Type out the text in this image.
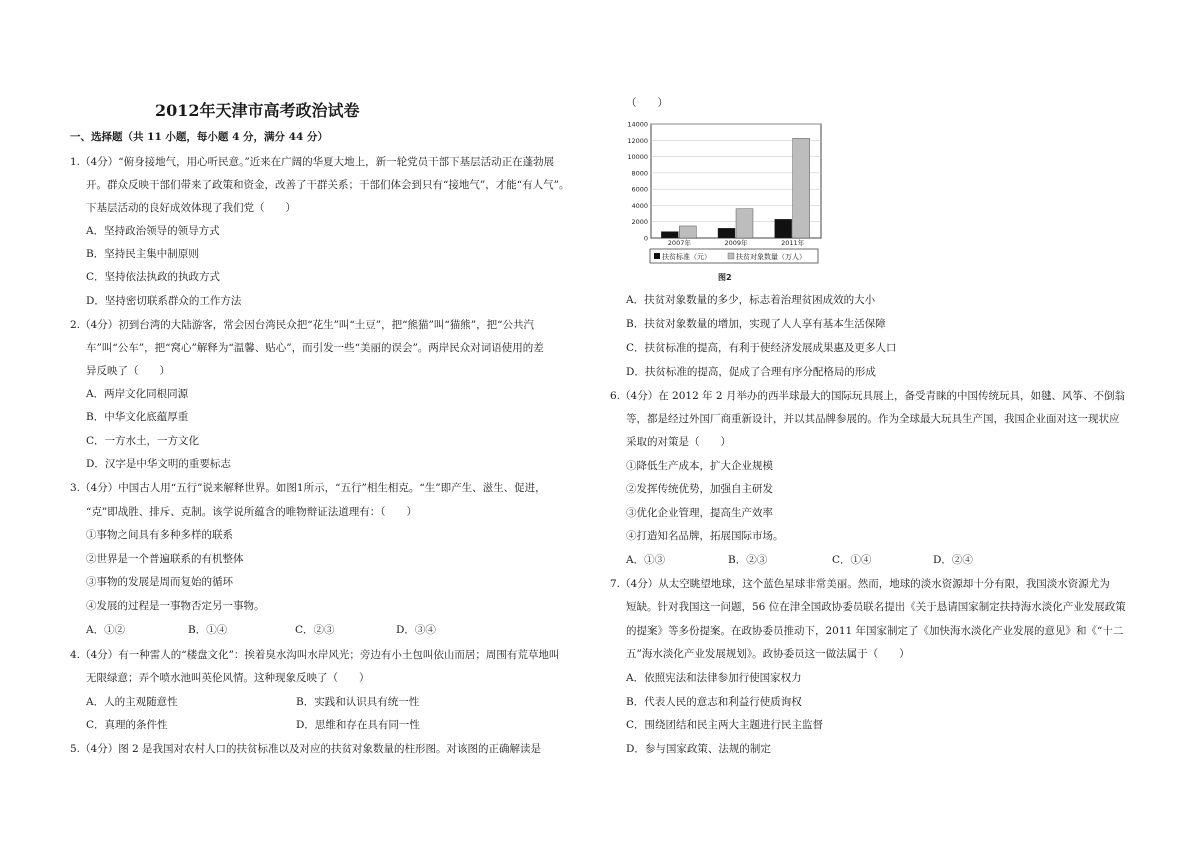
2012年天津市高考政治试卷
一、选择题（共 11 小题，每小题 4 分，满分 44 分）
1.（4分）“俯身接地气，用心听民意。”近来在广阔的华夏大地上，新一轮党员干部下基层活动正在蓬勃展
开。群众反映干部们带来了政策和资金，改善了干群关系；干部们体会到只有“接地气”，才能“有人气”。
下基层活动的良好成效体现了我们党（　　）
A．坚持政治领导的领导方式
B．坚持民主集中制原则
C．坚持依法执政的执政方式
D．坚持密切联系群众的工作方法
2.（4分）初到台湾的大陆游客，常会因台湾民众把“花生”叫“土豆”，把“熊猫”叫“猫熊”，把“公共汽
车”叫“公车”，把“窝心”解释为“温馨、贴心”，而引发一些“美丽的误会”。两岸民众对词语使用的差
异反映了（　　）
A．两岸文化同根同源
B．中华文化底蕴厚重
C．一方水土，一方文化
D．汉字是中华文明的重要标志
3.（4分）中国古人用“五行”说来解释世界。如图1所示，“五行”相生相克。“生”即产生、滋生、促进，
“克”即战胜、排斥、克制。该学说所蕴含的唯物辩证法道理有：（　　）
①事物之间具有多种多样的联系
②世界是一个普遍联系的有机整体
③事物的发展是周而复始的循环
④发展的过程是一事物否定另一事物。
A．①②	B．①④	C．②③	D．③④
4.（4分）有一种雷人的“楼盘文化”：挨着臭水沟叫水岸风光；旁边有小土包叫依山而居；周围有荒草地叫
无限绿意；弄个喷水池叫英伦风情。这种现象反映了（　　）
A．人的主观随意性	B．实践和认识具有统一性
C．真理的条件性	D．思维和存在具有同一性
5.（4分）图 2 是我国对农村人口的扶贫标准以及对应的扶贫对象数量的柱形图。对该图的正确解读是
（　　）
0
2000
4000
6000
8000
10000
12000
14000
2007年	2009年	2011年
扶贫标准（元）	扶贫对象数量（万人）
图2
A．扶贫对象数量的多少，标志着治理贫困成效的大小
B．扶贫对象数量的增加，实现了人人享有基本生活保障
C．扶贫标准的提高，有利于使经济发展成果惠及更多人口
D．扶贫标准的提高，促成了合理有序分配格局的形成
6.（4分）在 2012 年 2 月举办的西半球最大的国际玩具展上，备受青睐的中国传统玩具，如毽、风筝、不倒翁
等，都是经过外国厂商重新设计，并以其品牌参展的。作为全球最大玩具生产国，我国企业面对这一现状应
采取的对策是（　　）
①降低生产成本，扩大企业规模
②发挥传统优势，加强自主研发
③优化企业管理，提高生产效率
④打造知名品牌，拓展国际市场。
A．①③	B．②③	C．①④	D．②④
7.（4分）从太空眺望地球，这个蓝色星球非常美丽。然而，地球的淡水资源却十分有限，我国淡水资源尤为
短缺。针对我国这一问题，56 位在津全国政协委员联名提出《关于恳请国家制定扶持海水淡化产业发展政策
的提案》等多份提案。在政协委员推动下，2011 年国家制定了《加快海水淡化产业发展的意见》和《“十二
五”海水淡化产业发展规划》。政协委员这一做法属于（　　）
A．依照宪法和法律参加行使国家权力
B．代表人民的意志和利益行使质询权
C．围绕团结和民主两大主题进行民主监督
D．参与国家政策、法规的制定
